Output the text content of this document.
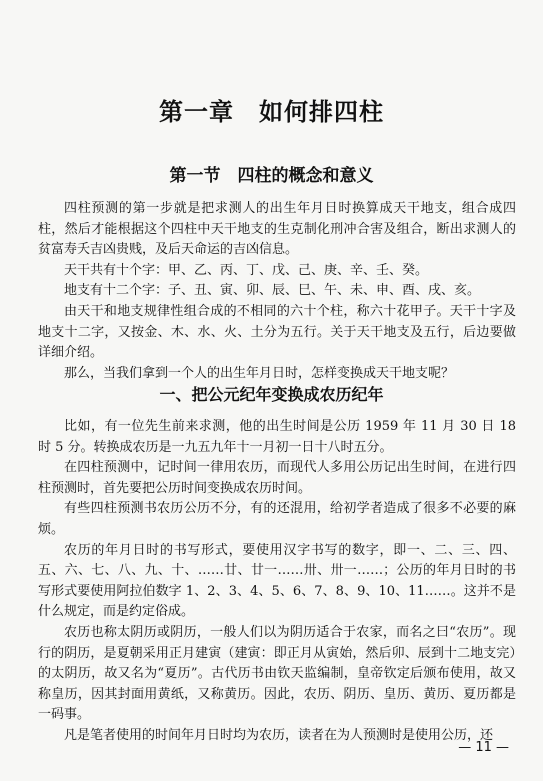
第一章　如何排四柱
第一节　四柱的概念和意义

四柱预测的第一步就是把求测人的出生年月日时换算成天干地支，组合成四柱，然后才能根据这个四柱中天干地支的生克制化刑冲合害及组合，断出求测人的贫富寿夭吉凶贵贱，及后天命运的吉凶信息。

天干共有十个字：甲、乙、丙、丁、戊、己、庚、辛、壬、癸。

地支有十二个字：子、丑、寅、卯、辰、巳、午、未、申、酉、戌、亥。

由天干和地支规律性组合成的不相同的六十个柱，称六十花甲子。天干十字及地支十二字，又按金、木、水、火、土分为五行。关于天干地支及五行，后边要做详细介绍。

那么，当我们拿到一个人的出生年月日时，怎样变换成天干地支呢？

一、把公元纪年变换成农历纪年

比如，有一位先生前来求测，他的出生时间是公历 1959 年 11 月 30 日 18 时 5 分。转换成农历是一九五九年十一月初一日十八时五分。

在四柱预测中，记时间一律用农历，而现代人多用公历记出生时间，在进行四柱预测时，首先要把公历时间变换成农历时间。

有些四柱预测书农历公历不分，有的还混用，给初学者造成了很多不必要的麻烦。

农历的年月日时的书写形式，要使用汉字书写的数字，即一、二、三、四、五、六、七、八、九、十、……廿、廿一……卅、卅一……；公历的年月日时的书写形式要使用阿拉伯数字 1、2、3、4、5、6、7、8、9、10、11……。这并不是什么规定，而是约定俗成。

农历也称太阴历或阴历，一般人们以为阴历适合于农家，而名之曰“农历”。现行的阴历，是夏朝采用正月建寅（建寅：即正月从寅始，然后卯、辰到十二地支完）的太阴历，故又名为“夏历”。古代历书由钦天监编制，皇帝钦定后颁布使用，故又称皇历，因其封面用黄纸，又称黄历。因此，农历、阴历、皇历、黄历、夏历都是一码事。

凡是笔者使用的时间年月日时均为农历，读者在为人预测时是使用公历，还

— 11 —
